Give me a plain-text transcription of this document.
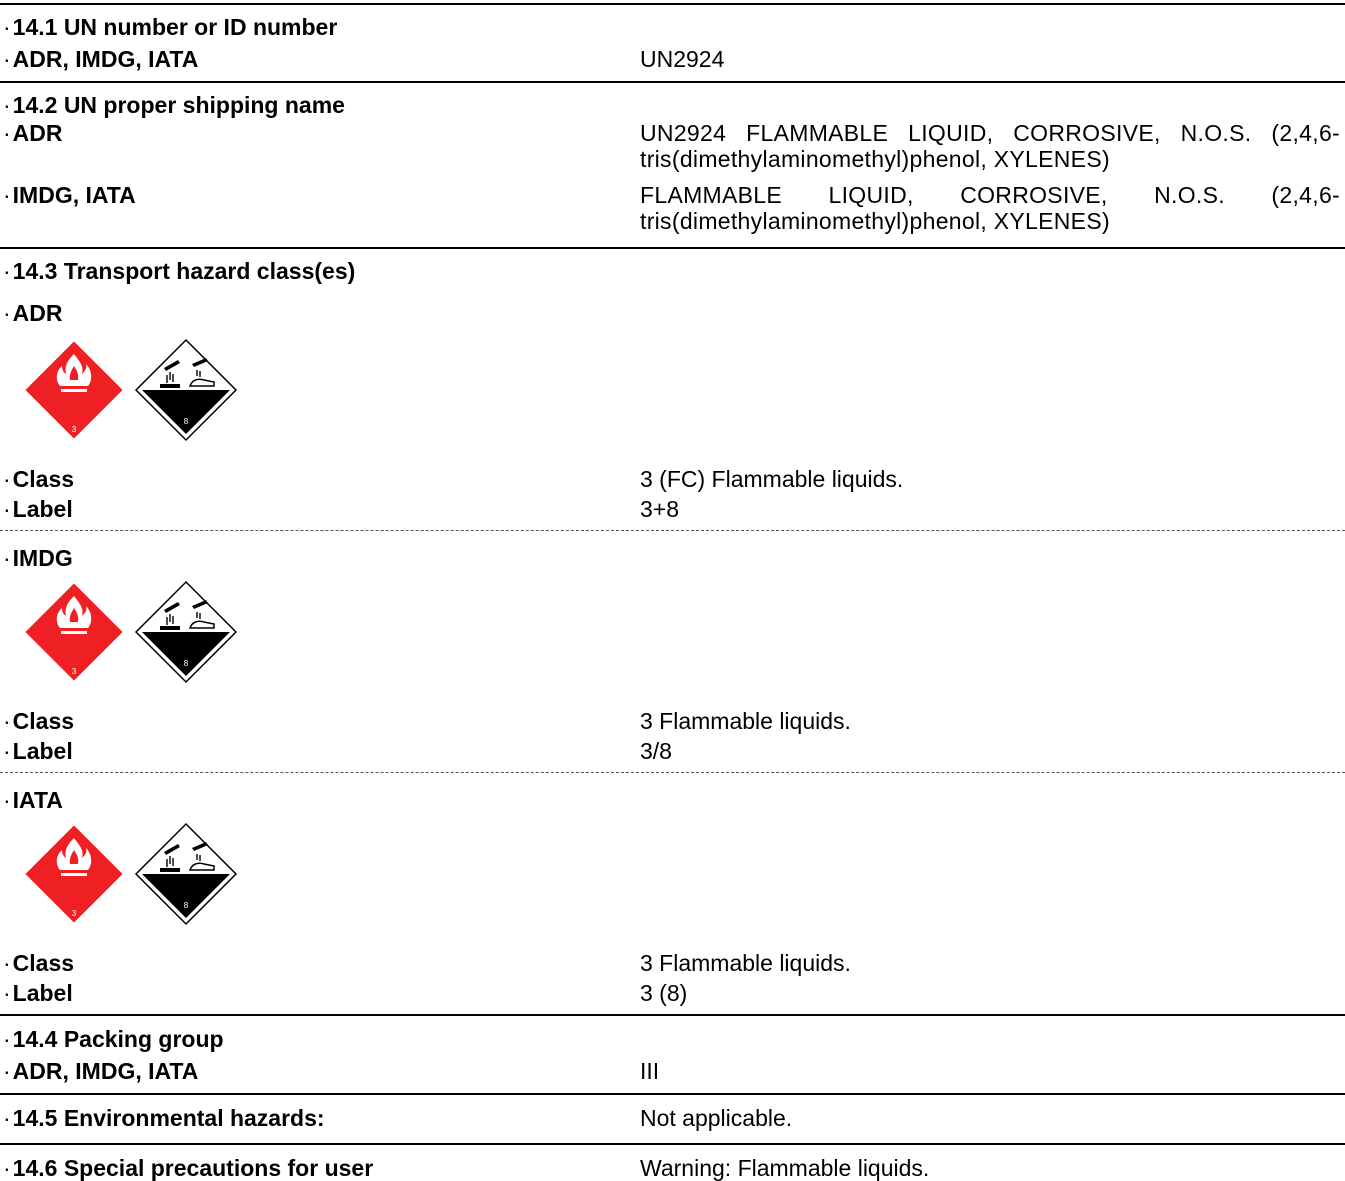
·14.1 UN number or ID number
·ADR, IMDG, IATA	UN2924
·14.2 UN proper shipping name
·ADR	UN2924 FLAMMABLE LIQUID, CORROSIVE, N.O.S. (2,4,6-tris(dimethylaminomethyl)phenol, XYLENES)
·IMDG, IATA	FLAMMABLE LIQUID, CORROSIVE, N.O.S. (2,4,6-tris(dimethylaminomethyl)phenol, XYLENES)
·14.3 Transport hazard class(es)
·ADR
3
8
·Class	3 (FC) Flammable liquids.
·Label	3+8
·IMDG
3
8
·Class	3 Flammable liquids.
·Label	3/8
·IATA
3
8
·Class	3 Flammable liquids.
·Label	3 (8)
·14.4 Packing group
·ADR, IMDG, IATA	III
·14.5 Environmental hazards:	Not applicable.
·14.6 Special precautions for user	Warning: Flammable liquids.
